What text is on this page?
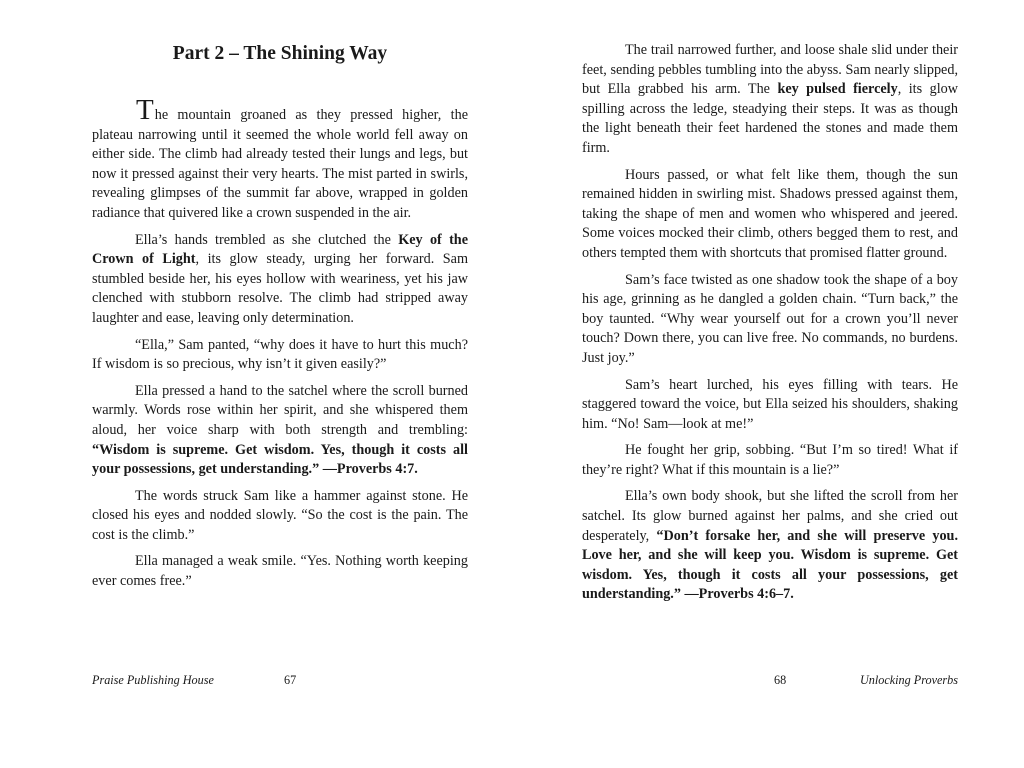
Part 2 – The Shining Way

The mountain groaned as they pressed higher, the plateau narrowing until it seemed the whole world fell away on either side. The climb had already tested their lungs and legs, but now it pressed against their very hearts. The mist parted in swirls, revealing glimpses of the summit far above, wrapped in golden radiance that quivered like a crown suspended in the air.

Ella’s hands trembled as she clutched the Key of the Crown of Light, its glow steady, urging her forward. Sam stumbled beside her, his eyes hollow with weariness, yet his jaw clenched with stubborn resolve. The climb had stripped away laughter and ease, leaving only determination.

“Ella,” Sam panted, “why does it have to hurt this much? If wisdom is so precious, why isn’t it given easily?”

Ella pressed a hand to the satchel where the scroll burned warmly. Words rose within her spirit, and she whispered them aloud, her voice sharp with both strength and trembling: “Wisdom is supreme. Get wisdom. Yes, though it costs all your possessions, get understanding.” —Proverbs 4:7.

The words struck Sam like a hammer against stone. He closed his eyes and nodded slowly. “So the cost is the pain. The cost is the climb.”

Ella managed a weak smile. “Yes. Nothing worth keeping ever comes free.”

Praise Publishing House	67

The trail narrowed further, and loose shale slid under their feet, sending pebbles tumbling into the abyss. Sam nearly slipped, but Ella grabbed his arm. The key pulsed fiercely, its glow spilling across the ledge, steadying their steps. It was as though the light beneath their feet hardened the stones and made them firm.

Hours passed, or what felt like them, though the sun remained hidden in swirling mist. Shadows pressed against them, taking the shape of men and women who whispered and jeered. Some voices mocked their climb, others begged them to rest, and others tempted them with shortcuts that promised flatter ground.

Sam’s face twisted as one shadow took the shape of a boy his age, grinning as he dangled a golden chain. “Turn back,” the boy taunted. “Why wear yourself out for a crown you’ll never touch? Down there, you can live free. No commands, no burdens. Just joy.”

Sam’s heart lurched, his eyes filling with tears. He staggered toward the voice, but Ella seized his shoulders, shaking him. “No! Sam—look at me!”

He fought her grip, sobbing. “But I’m so tired! What if they’re right? What if this mountain is a lie?”

Ella’s own body shook, but she lifted the scroll from her satchel. Its glow burned against her palms, and she cried out desperately, “Don’t forsake her, and she will preserve you. Love her, and she will keep you. Wisdom is supreme. Get wisdom. Yes, though it costs all your possessions, get understanding.” —Proverbs 4:6–7.

68	Unlocking Proverbs
